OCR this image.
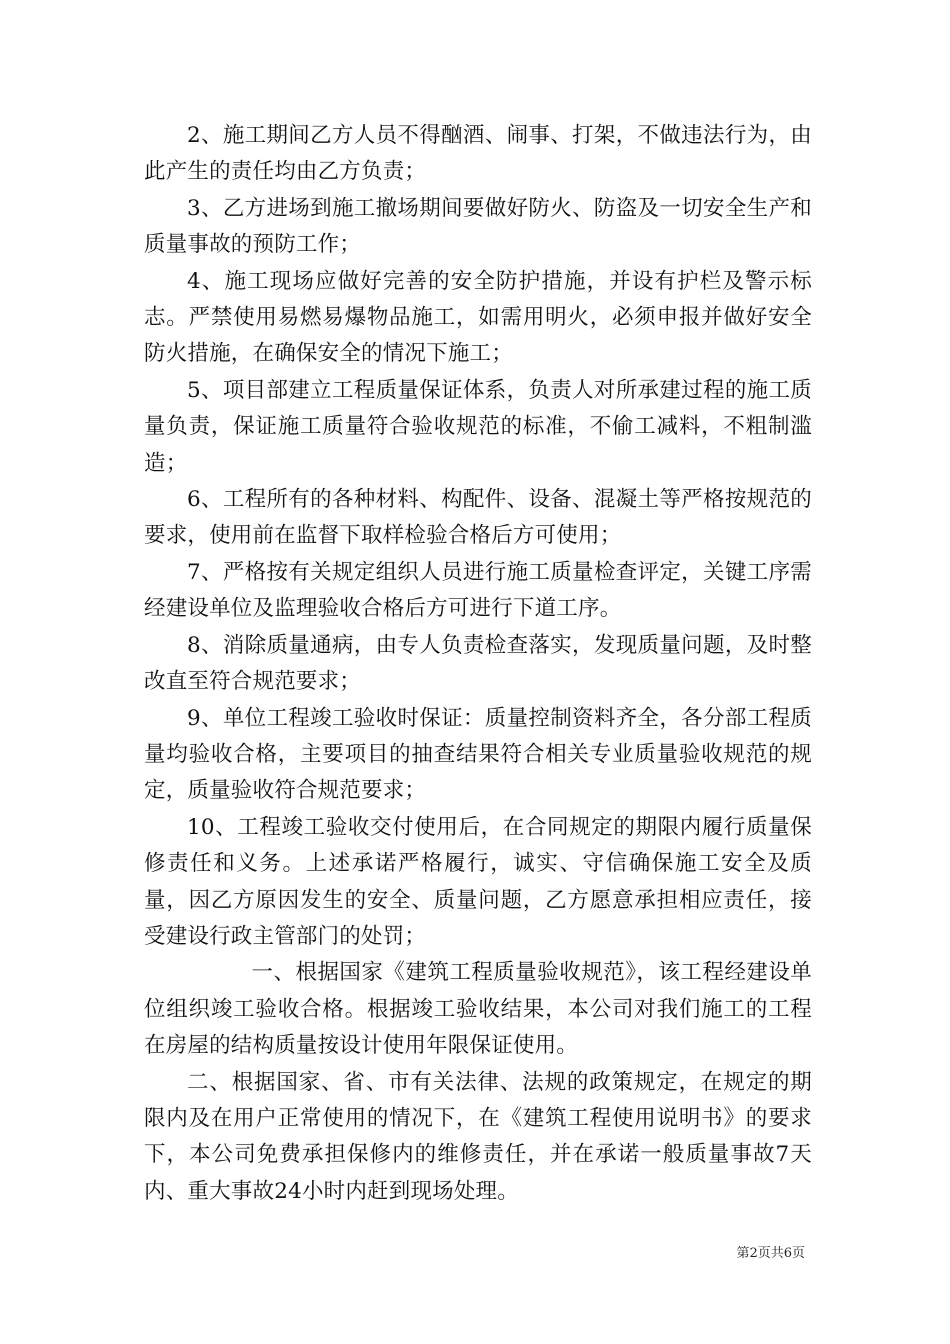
2、施工期间乙方人员不得酗酒、闹事、打架，不做违法行为，由此产生的责任均由乙方负责；

3、乙方进场到施工撤场期间要做好防火、防盗及一切安全生产和质量事故的预防工作；

4、施工现场应做好完善的安全防护措施，并设有护栏及警示标志。严禁使用易燃易爆物品施工，如需用明火，必须申报并做好安全防火措施，在确保安全的情况下施工；

5、项目部建立工程质量保证体系，负责人对所承建过程的施工质量负责，保证施工质量符合验收规范的标准，不偷工减料，不粗制滥造；

6、工程所有的各种材料、构配件、设备、混凝土等严格按规范的要求，使用前在监督下取样检验合格后方可使用；

7、严格按有关规定组织人员进行施工质量检查评定，关键工序需经建设单位及监理验收合格后方可进行下道工序。

8、消除质量通病，由专人负责检查落实，发现质量问题，及时整改直至符合规范要求；

9、单位工程竣工验收时保证：质量控制资料齐全，各分部工程质量均验收合格，主要项目的抽查结果符合相关专业质量验收规范的规定，质量验收符合规范要求；

10、工程竣工验收交付使用后，在合同规定的期限内履行质量保修责任和义务。上述承诺严格履行，诚实、守信确保施工安全及质量，因乙方原因发生的安全、质量问题，乙方愿意承担相应责任，接受建设行政主管部门的处罚；

一、根据国家《建筑工程质量验收规范》，该工程经建设单位组织竣工验收合格。根据竣工验收结果，本公司对我们施工的工程在房屋的结构质量按设计使用年限保证使用。

二、根据国家、省、市有关法律、法规的政策规定，在规定的期限内及在用户正常使用的情况下，在《建筑工程使用说明书》的要求下，本公司免费承担保修内的维修责任，并在承诺一般质量事故7天内、重大事故24小时内赶到现场处理。

第2页共6页
